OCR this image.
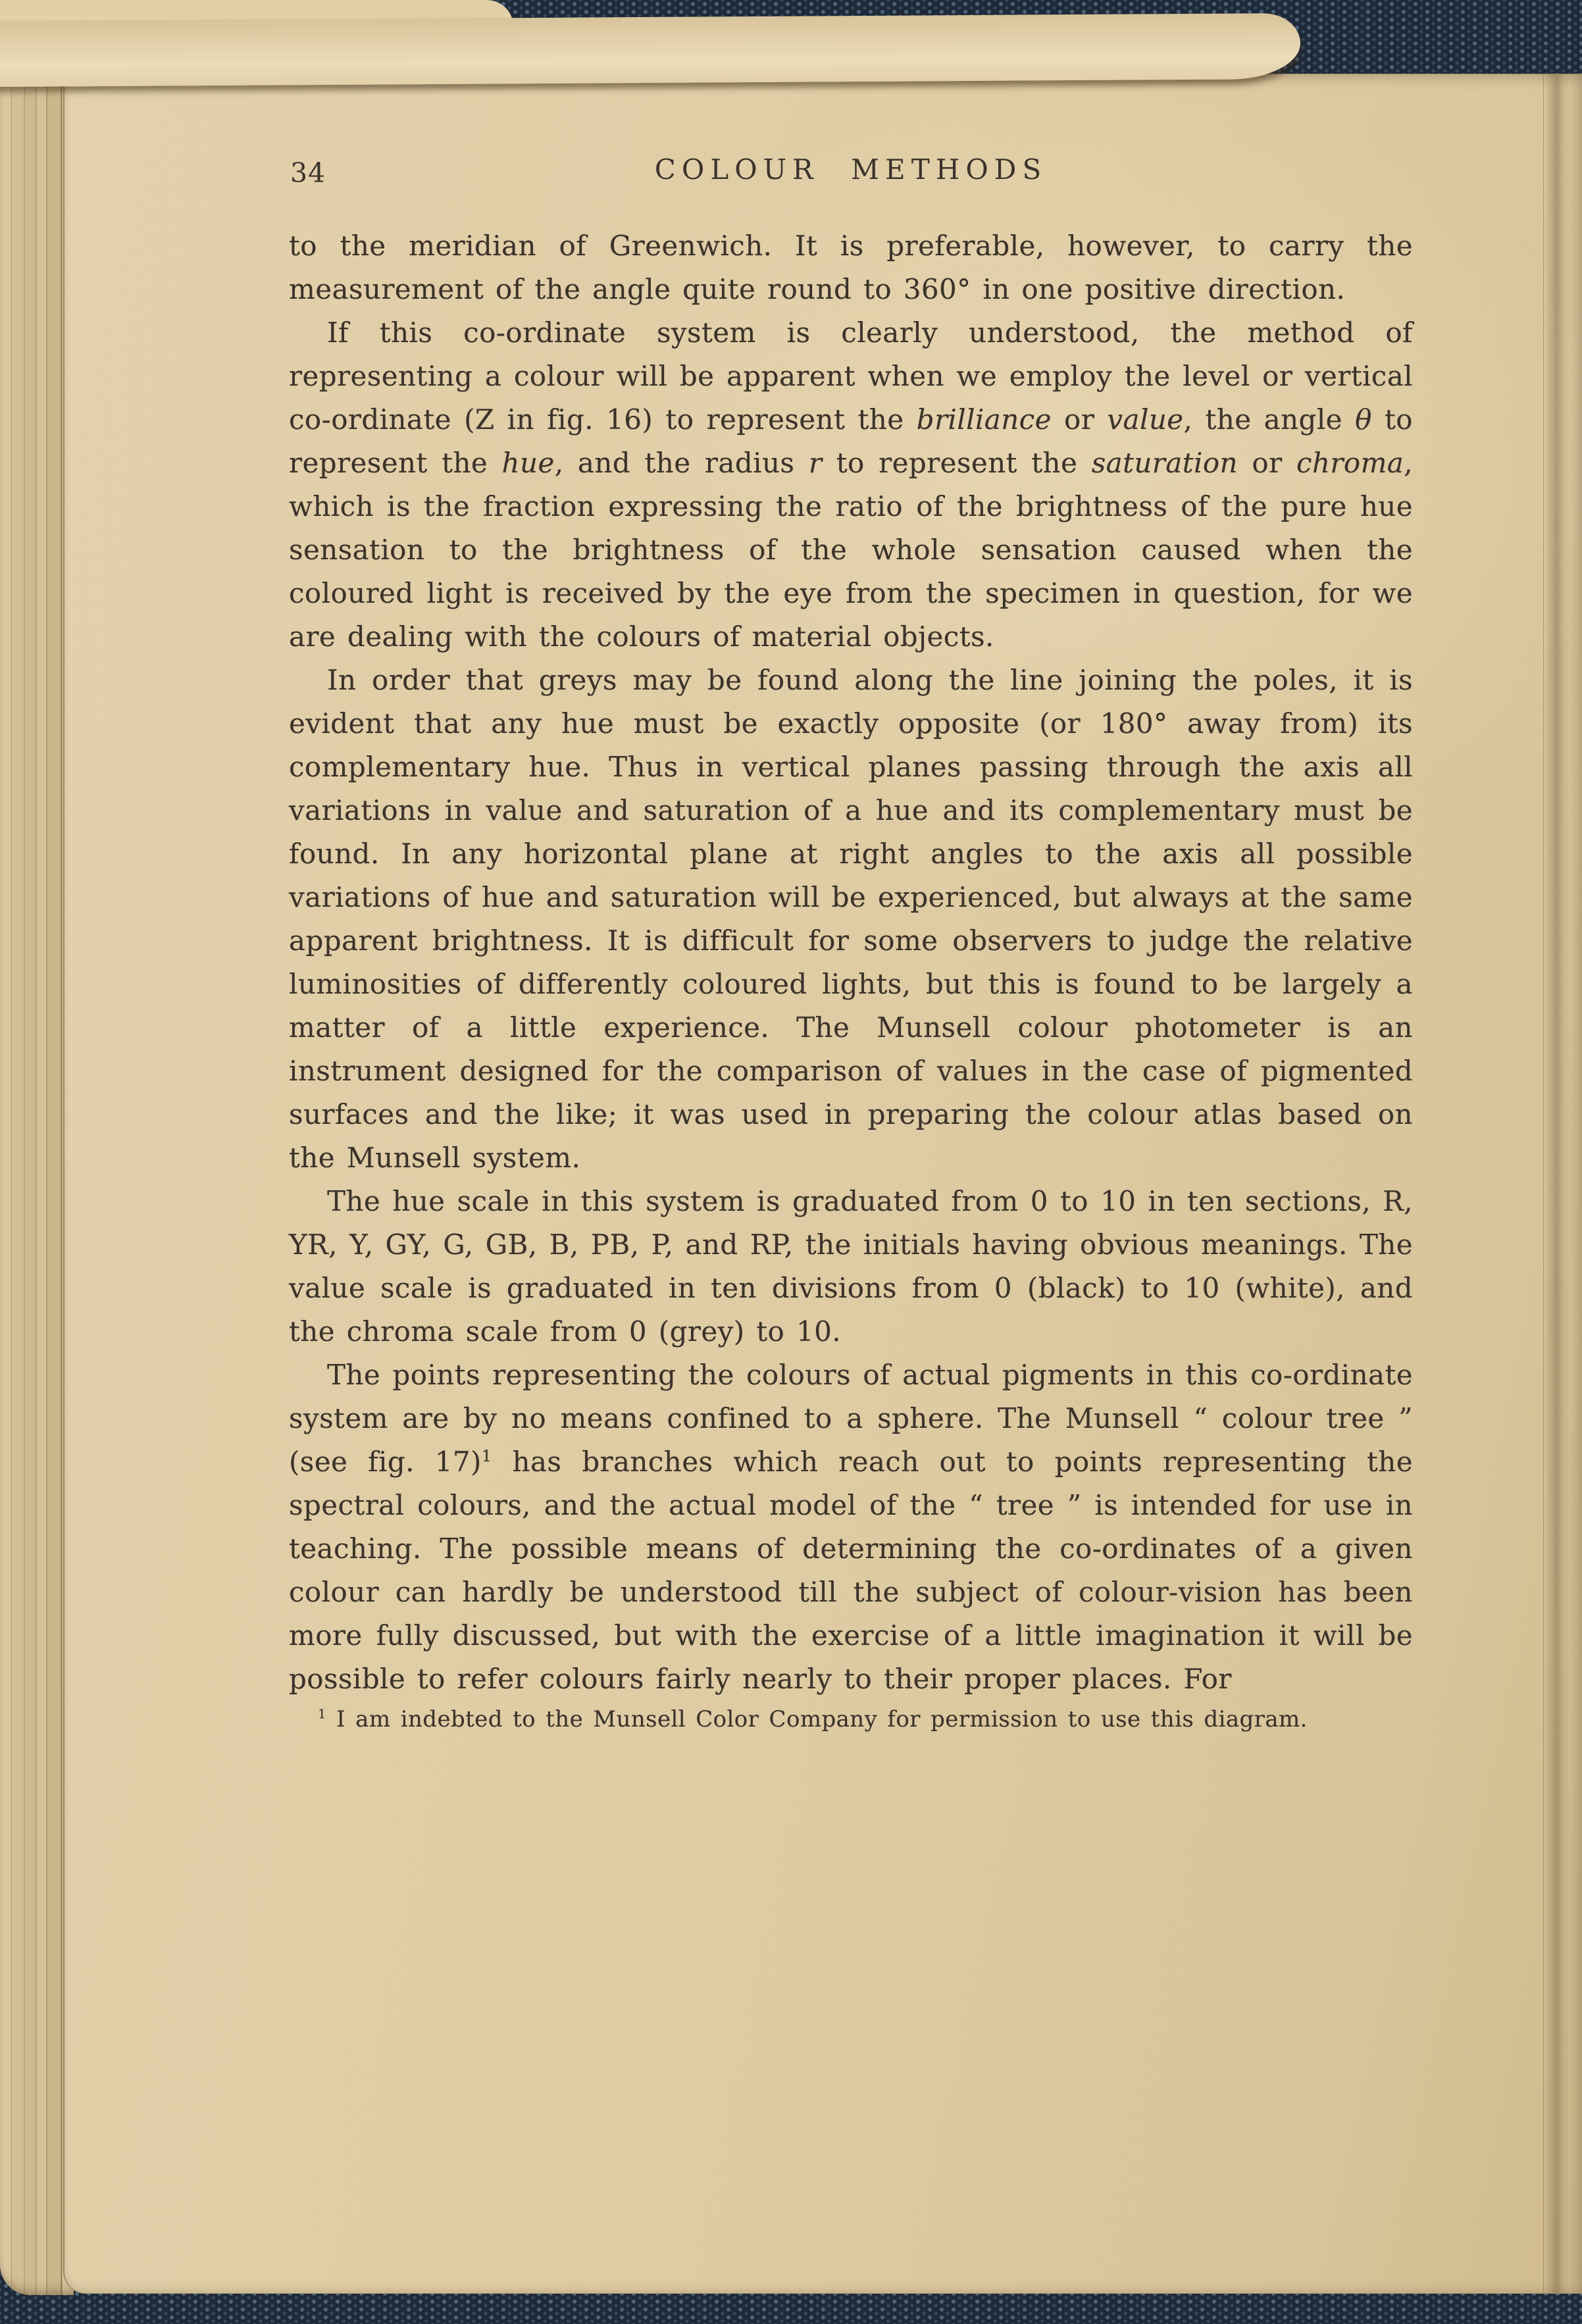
34	COLOUR METHODS

to the meridian of Greenwich. It is preferable, however, to carry the measurement of the angle quite round to 360° in one positive direction.

If this co-ordinate system is clearly understood, the method of representing a colour will be apparent when we employ the level or vertical co-ordinate (Z in fig. 16) to represent the brilliance or value, the angle θ to represent the hue, and the radius r to represent the saturation or chroma, which is the fraction expressing the ratio of the brightness of the pure hue sensation to the brightness of the whole sensation caused when the coloured light is received by the eye from the specimen in question, for we are dealing with the colours of material objects.

In order that greys may be found along the line joining the poles, it is evident that any hue must be exactly opposite (or 180° away from) its complementary hue. Thus in vertical planes passing through the axis all variations in value and saturation of a hue and its complementary must be found. In any horizontal plane at right angles to the axis all possible variations of hue and saturation will be experienced, but always at the same apparent brightness. It is difficult for some observers to judge the relative luminosities of differently coloured lights, but this is found to be largely a matter of a little experience. The Munsell colour photometer is an instrument designed for the comparison of values in the case of pigmented surfaces and the like; it was used in preparing the colour atlas based on the Munsell system.

The hue scale in this system is graduated from 0 to 10 in ten sections, R, YR, Y, GY, G, GB, B, PB, P, and RP, the initials having obvious meanings. The value scale is graduated in ten divisions from 0 (black) to 10 (white), and the chroma scale from 0 (grey) to 10.

The points representing the colours of actual pigments in this co-ordinate system are by no means confined to a sphere. The Munsell “ colour tree ” (see fig. 17)$^1$ has branches which reach out to points representing the spectral colours, and the actual model of the “ tree ” is intended for use in teaching. The possible means of determining the co-ordinates of a given colour can hardly be understood till the subject of colour-vision has been more fully discussed, but with the exercise of a little imagination it will be possible to refer colours fairly nearly to their proper places. For

$^1$ I am indebted to the Munsell Color Company for permission to use this diagram.
